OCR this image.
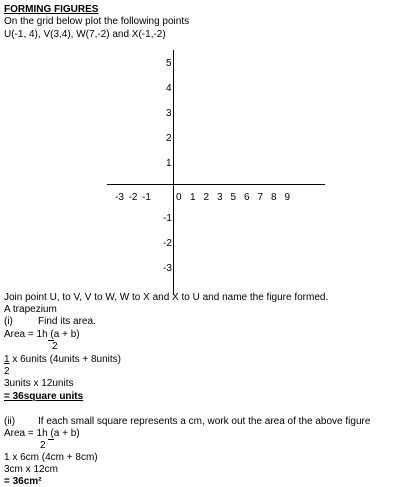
FORMING FIGURES
On the grid below plot the following points
U(-1, 4), V(3,4), W(7,-2) and X(-1,-2)
-3 -2 -1	0 1 2 3 5 6 7 8 9
5
4
3
2
1
-1
-2
-3
Join point U, to V, V to W, W to X and X to U and name the figure formed.
A trapezium
(i)	Find its area.
Area = 1h (a + b)
2
1 x 6units (4units + 8units)
2
3units x 12units
= 36square units
(ii) If each small square represents a cm, work out the area of the above figure
Area = 1h (a + b)
2
1 x 6cm (4cm + 8cm)
3cm x 12cm
= 36cm²
